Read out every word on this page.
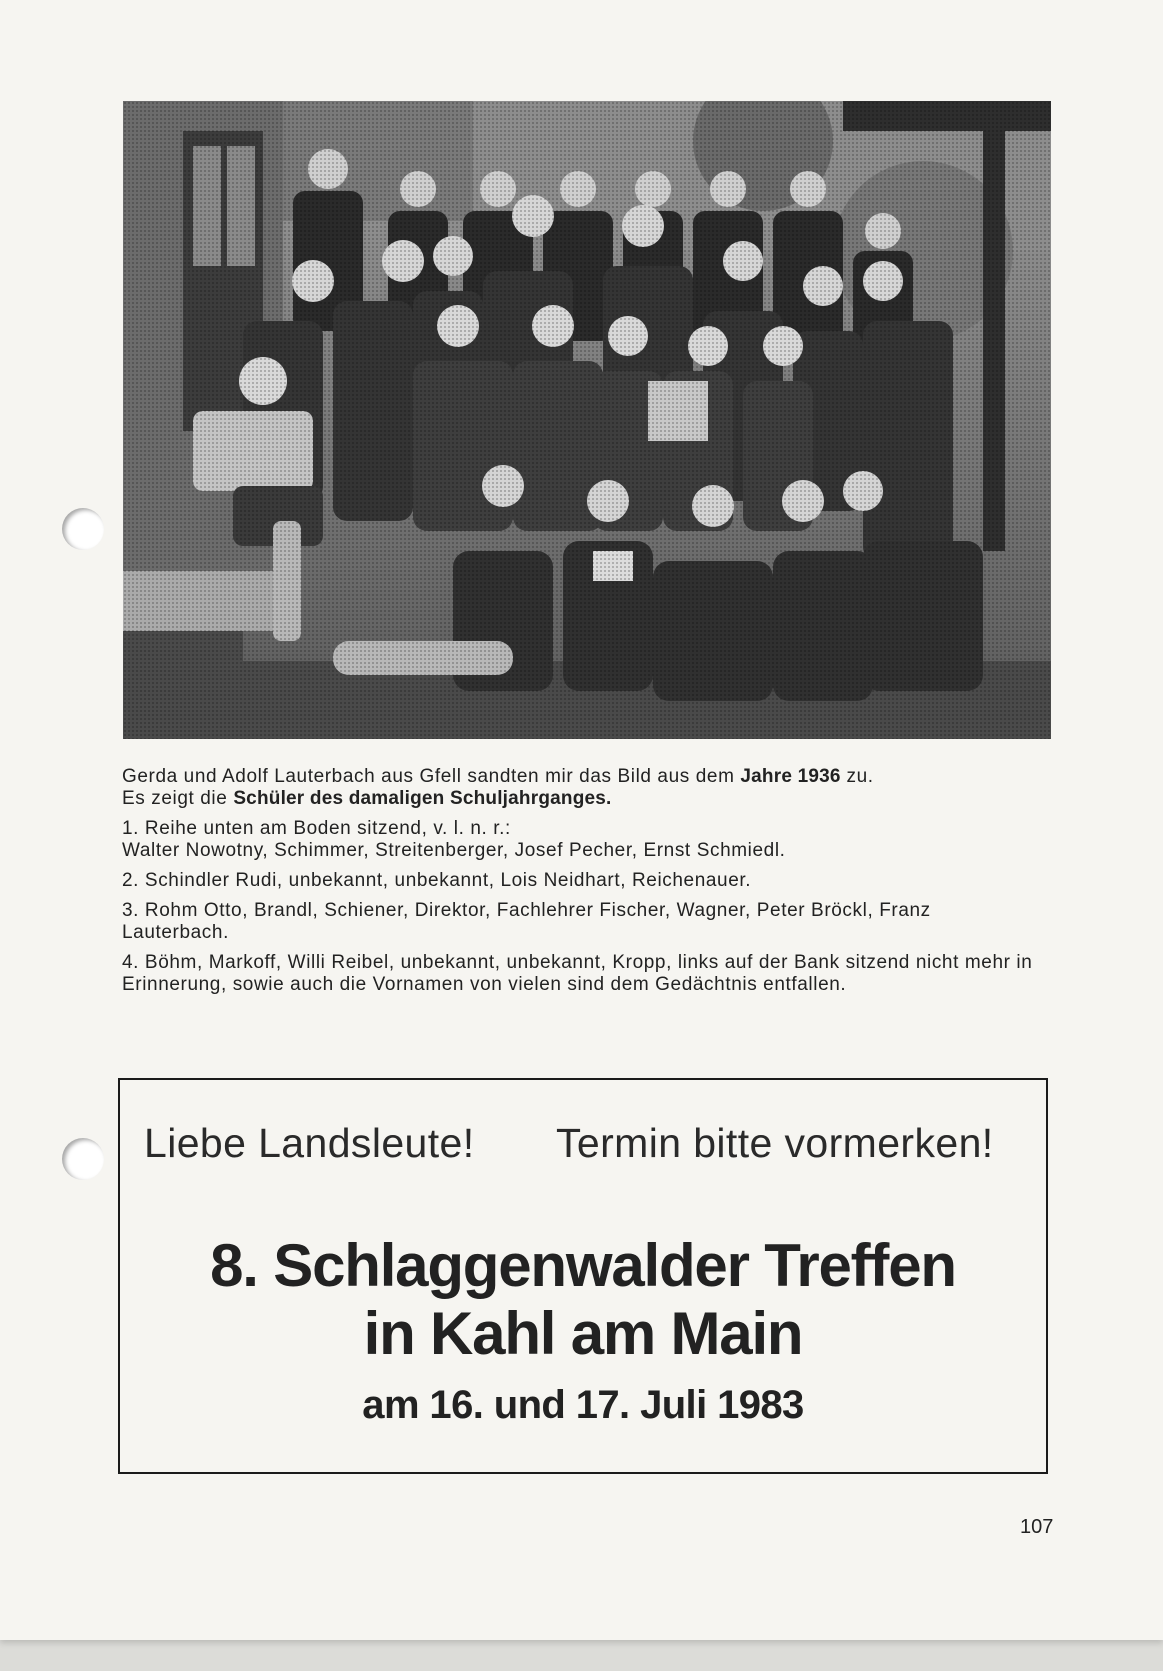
Gerda und Adolf Lauterbach aus Gfell sandten mir das Bild aus dem Jahre 1936 zu.

Es zeigt die Schüler des damaligen Schuljahrganges.

1. Reihe unten am Boden sitzend, v. l. n. r.:

Walter Nowotny, Schimmer, Streitenberger, Josef Pecher, Ernst Schmiedl.

2. Schindler Rudi, unbekannt, unbekannt, Lois Neidhart, Reichenauer.

3. Rohm Otto, Brandl, Schiener, Direktor, Fachlehrer Fischer, Wagner, Peter Bröckl, Franz Lauterbach.

4. Böhm, Markoff, Willi Reibel, unbekannt, unbekannt, Kropp, links auf der Bank sitzend nicht mehr in Erinnerung, sowie auch die Vornamen von vielen sind dem Gedächtnis entfallen.

Liebe Landsleute! Termin bitte vormerken!
8. Schlaggenwalder Treffen
in Kahl am Main
am 16. und 17. Juli 1983
107
